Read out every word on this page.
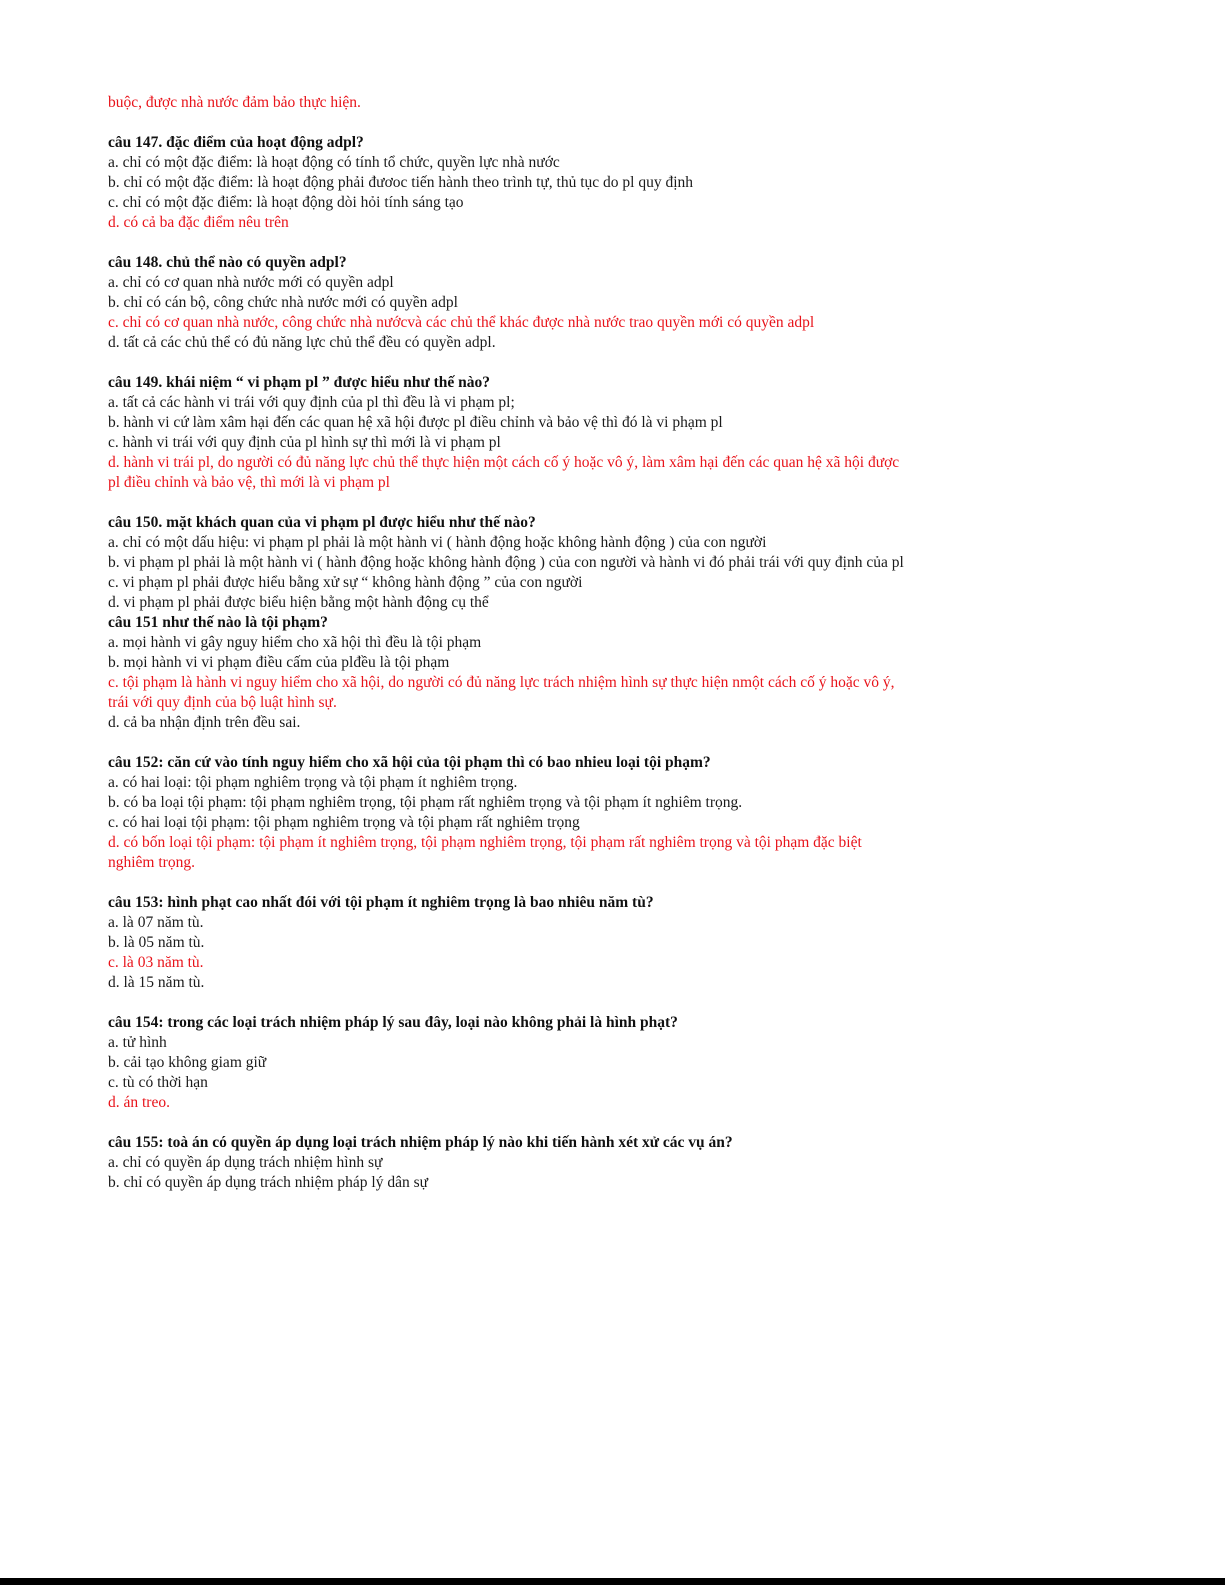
buộc, được nhà nước đảm bảo thực hiện.
câu 147. đặc điểm của hoạt động adpl?
a. chỉ có một đặc điểm: là hoạt động có tính tổ chức, quyền lực nhà nước
b. chỉ có một đặc điểm: là hoạt động phải đươoc tiến hành theo trình tự, thủ tục do pl quy định
c. chỉ có một đặc điểm: là hoạt động dòi hỏi tính sáng tạo
d. có cả ba đặc điểm nêu trên
câu 148. chủ thể nào có quyền adpl?
a. chỉ có cơ quan nhà nước mới có quyền adpl
b. chỉ có cán bộ, công chức nhà nước mới có quyền adpl
c. chỉ có cơ quan nhà nước, công chức nhà nướcvà các chủ thể khác được nhà nước trao quyền mới có quyền adpl
d. tất cả các chủ thể có đủ năng lực chủ thể đều có quyền adpl.
câu 149. khái niệm “ vi phạm pl ” được hiểu như thế nào?
a. tất cả các hành vi trái với quy định của pl thì đều là vi phạm pl;
b. hành vi cứ làm xâm hại đến các quan hệ xã hội được pl điều chỉnh và bảo vệ thì đó là vi phạm pl
c. hành vi trái với quy định của pl hình sự thì mới là vi phạm pl
d. hành vi trái pl, do người có đủ năng lực chủ thể thực hiện một cách cố ý hoặc vô ý, làm xâm hại đến các quan hệ xã hội được pl điều chỉnh và bảo vệ, thì mới là vi phạm pl
câu 150. mặt khách quan của vi phạm pl được hiểu như thế nào?
a. chỉ có một dấu hiệu: vi phạm pl phải là một hành vi ( hành động hoặc không hành động ) của con người
b. vi phạm pl phải là một hành vi ( hành động hoặc không hành động ) của con người và hành vi đó phải trái với quy định của pl
c. vi phạm pl phải được hiểu bằng xử sự “ không hành động ” của con người
d. vi phạm pl phải được biểu hiện bằng một hành động cụ thể
câu 151 như thế nào là tội phạm?
a. mọi hành vi gây nguy hiểm cho xã hội thì đều là tội phạm
b. mọi hành vi vi phạm điều cấm của plđều là tội phạm
c. tội phạm là hành vi nguy hiểm cho xã hội, do người có đủ năng lực trách nhiệm hình sự thực hiện nmột cách cố ý hoặc vô ý, trái với quy định của bộ luật hình sự.
d. cả ba nhận định trên đều sai.
câu 152: căn cứ vào tính nguy hiểm cho xã hội của tội phạm thì có bao nhieu loại tội phạm?
a. có hai loại: tội phạm nghiêm trọng và tội phạm ít nghiêm trọng.
b. có ba loại tội phạm: tội phạm nghiêm trọng, tội phạm rất nghiêm trọng và tội phạm ít nghiêm trọng.
c. có hai loại tội phạm: tội phạm nghiêm trọng và tội phạm rất nghiêm trọng
d. có bốn loại tội phạm: tội phạm ít nghiêm trọng, tội phạm nghiêm trọng, tội phạm rất nghiêm trọng và tội phạm đặc biệt nghiêm trọng.
câu 153: hình phạt cao nhất đói với tội phạm ít nghiêm trọng là bao nhiêu năm tù?
a. là 07 năm tù.
b. là 05 năm tù.
c. là 03 năm tù.
d. là 15 năm tù.
câu 154: trong các loại trách nhiệm pháp lý sau đây, loại nào không phải là hình phạt?
a. tử hình
b. cải tạo không giam giữ
c. tù có thời hạn
d. án treo.
câu 155: toà án có quyền áp dụng loại trách nhiệm pháp lý nào khi tiến hành xét xử các vụ án?
a. chỉ có quyền áp dụng trách nhiệm hình sự
b. chỉ có quyền áp dụng trách nhiệm pháp lý dân sự
